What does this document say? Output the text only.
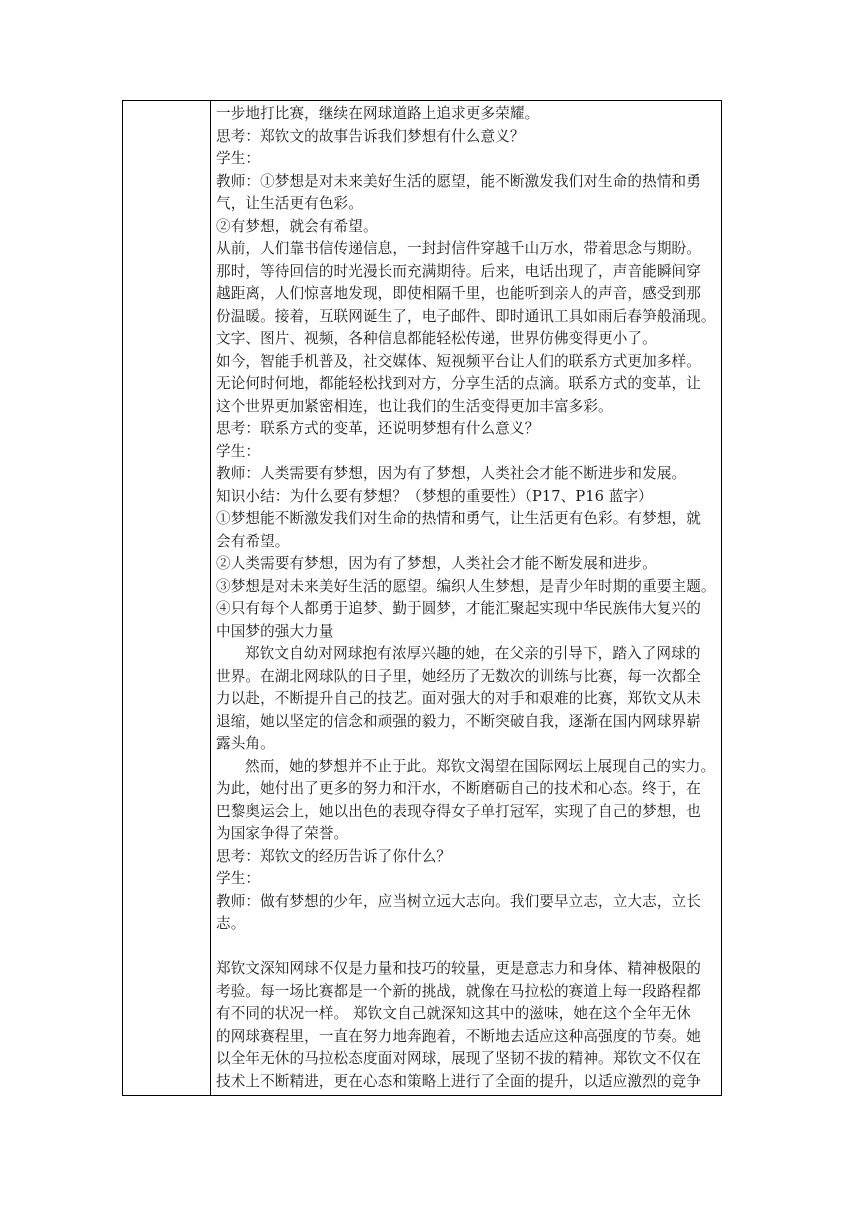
一步地打比赛，继续在网球道路上追求更多荣耀。
思考：郑钦文的故事告诉我们梦想有什么意义？
学生：
教师：①梦想是对未来美好生活的愿望，能不断激发我们对生命的热情和勇
气，让生活更有色彩。
②有梦想，就会有希望。
从前，人们靠书信传递信息，一封封信件穿越千山万水，带着思念与期盼。
那时，等待回信的时光漫长而充满期待。后来，电话出现了，声音能瞬间穿
越距离，人们惊喜地发现，即使相隔千里，也能听到亲人的声音，感受到那
份温暖。接着，互联网诞生了，电子邮件、即时通讯工具如雨后春笋般涌现。
文字、图片、视频，各种信息都能轻松传递，世界仿佛变得更小了。
如今，智能手机普及，社交媒体、短视频平台让人们的联系方式更加多样。
无论何时何地，都能轻松找到对方，分享生活的点滴。联系方式的变革，让
这个世界更加紧密相连，也让我们的生活变得更加丰富多彩。
思考：联系方式的变革，还说明梦想有什么意义？
学生：
教师：人类需要有梦想，因为有了梦想，人类社会才能不断进步和发展。
知识小结：为什么要有梦想？（梦想的重要性）（P17、P16 蓝字）
①梦想能不断激发我们对生命的热情和勇气，让生活更有色彩。有梦想，就
会有希望。
②人类需要有梦想，因为有了梦想，人类社会才能不断发展和进步。
③梦想是对未来美好生活的愿望。编织人生梦想，是青少年时期的重要主题。
④只有每个人都勇于追梦、勤于圆梦，才能汇聚起实现中华民族伟大复兴的
中国梦的强大力量
郑钦文自幼对网球抱有浓厚兴趣的她，在父亲的引导下，踏入了网球的
世界。在湖北网球队的日子里，她经历了无数次的训练与比赛，每一次都全
力以赴，不断提升自己的技艺。面对强大的对手和艰难的比赛，郑钦文从未
退缩，她以坚定的信念和顽强的毅力，不断突破自我，逐渐在国内网球界崭
露头角。
然而，她的梦想并不止于此。郑钦文渴望在国际网坛上展现自己的实力。
为此，她付出了更多的努力和汗水，不断磨砺自己的技术和心态。终于，在
巴黎奥运会上，她以出色的表现夺得女子单打冠军，实现了自己的梦想，也
为国家争得了荣誉。
思考：郑钦文的经历告诉了你什么？
学生：
教师：做有梦想的少年，应当树立远大志向。我们要早立志，立大志，立长
志。
郑钦文深知网球不仅是力量和技巧的较量，更是意志力和身体、精神极限的
考验。每一场比赛都是一个新的挑战，就像在马拉松的赛道上每一段路程都
有不同的状况一样。 郑钦文自己就深知这其中的滋味，她在这个全年无休
的网球赛程里，一直在努力地奔跑着，不断地去适应这种高强度的节奏。她
以全年无休的马拉松态度面对网球，展现了坚韧不拔的精神。郑钦文不仅在
技术上不断精进，更在心态和策略上进行了全面的提升，以适应激烈的竞争
